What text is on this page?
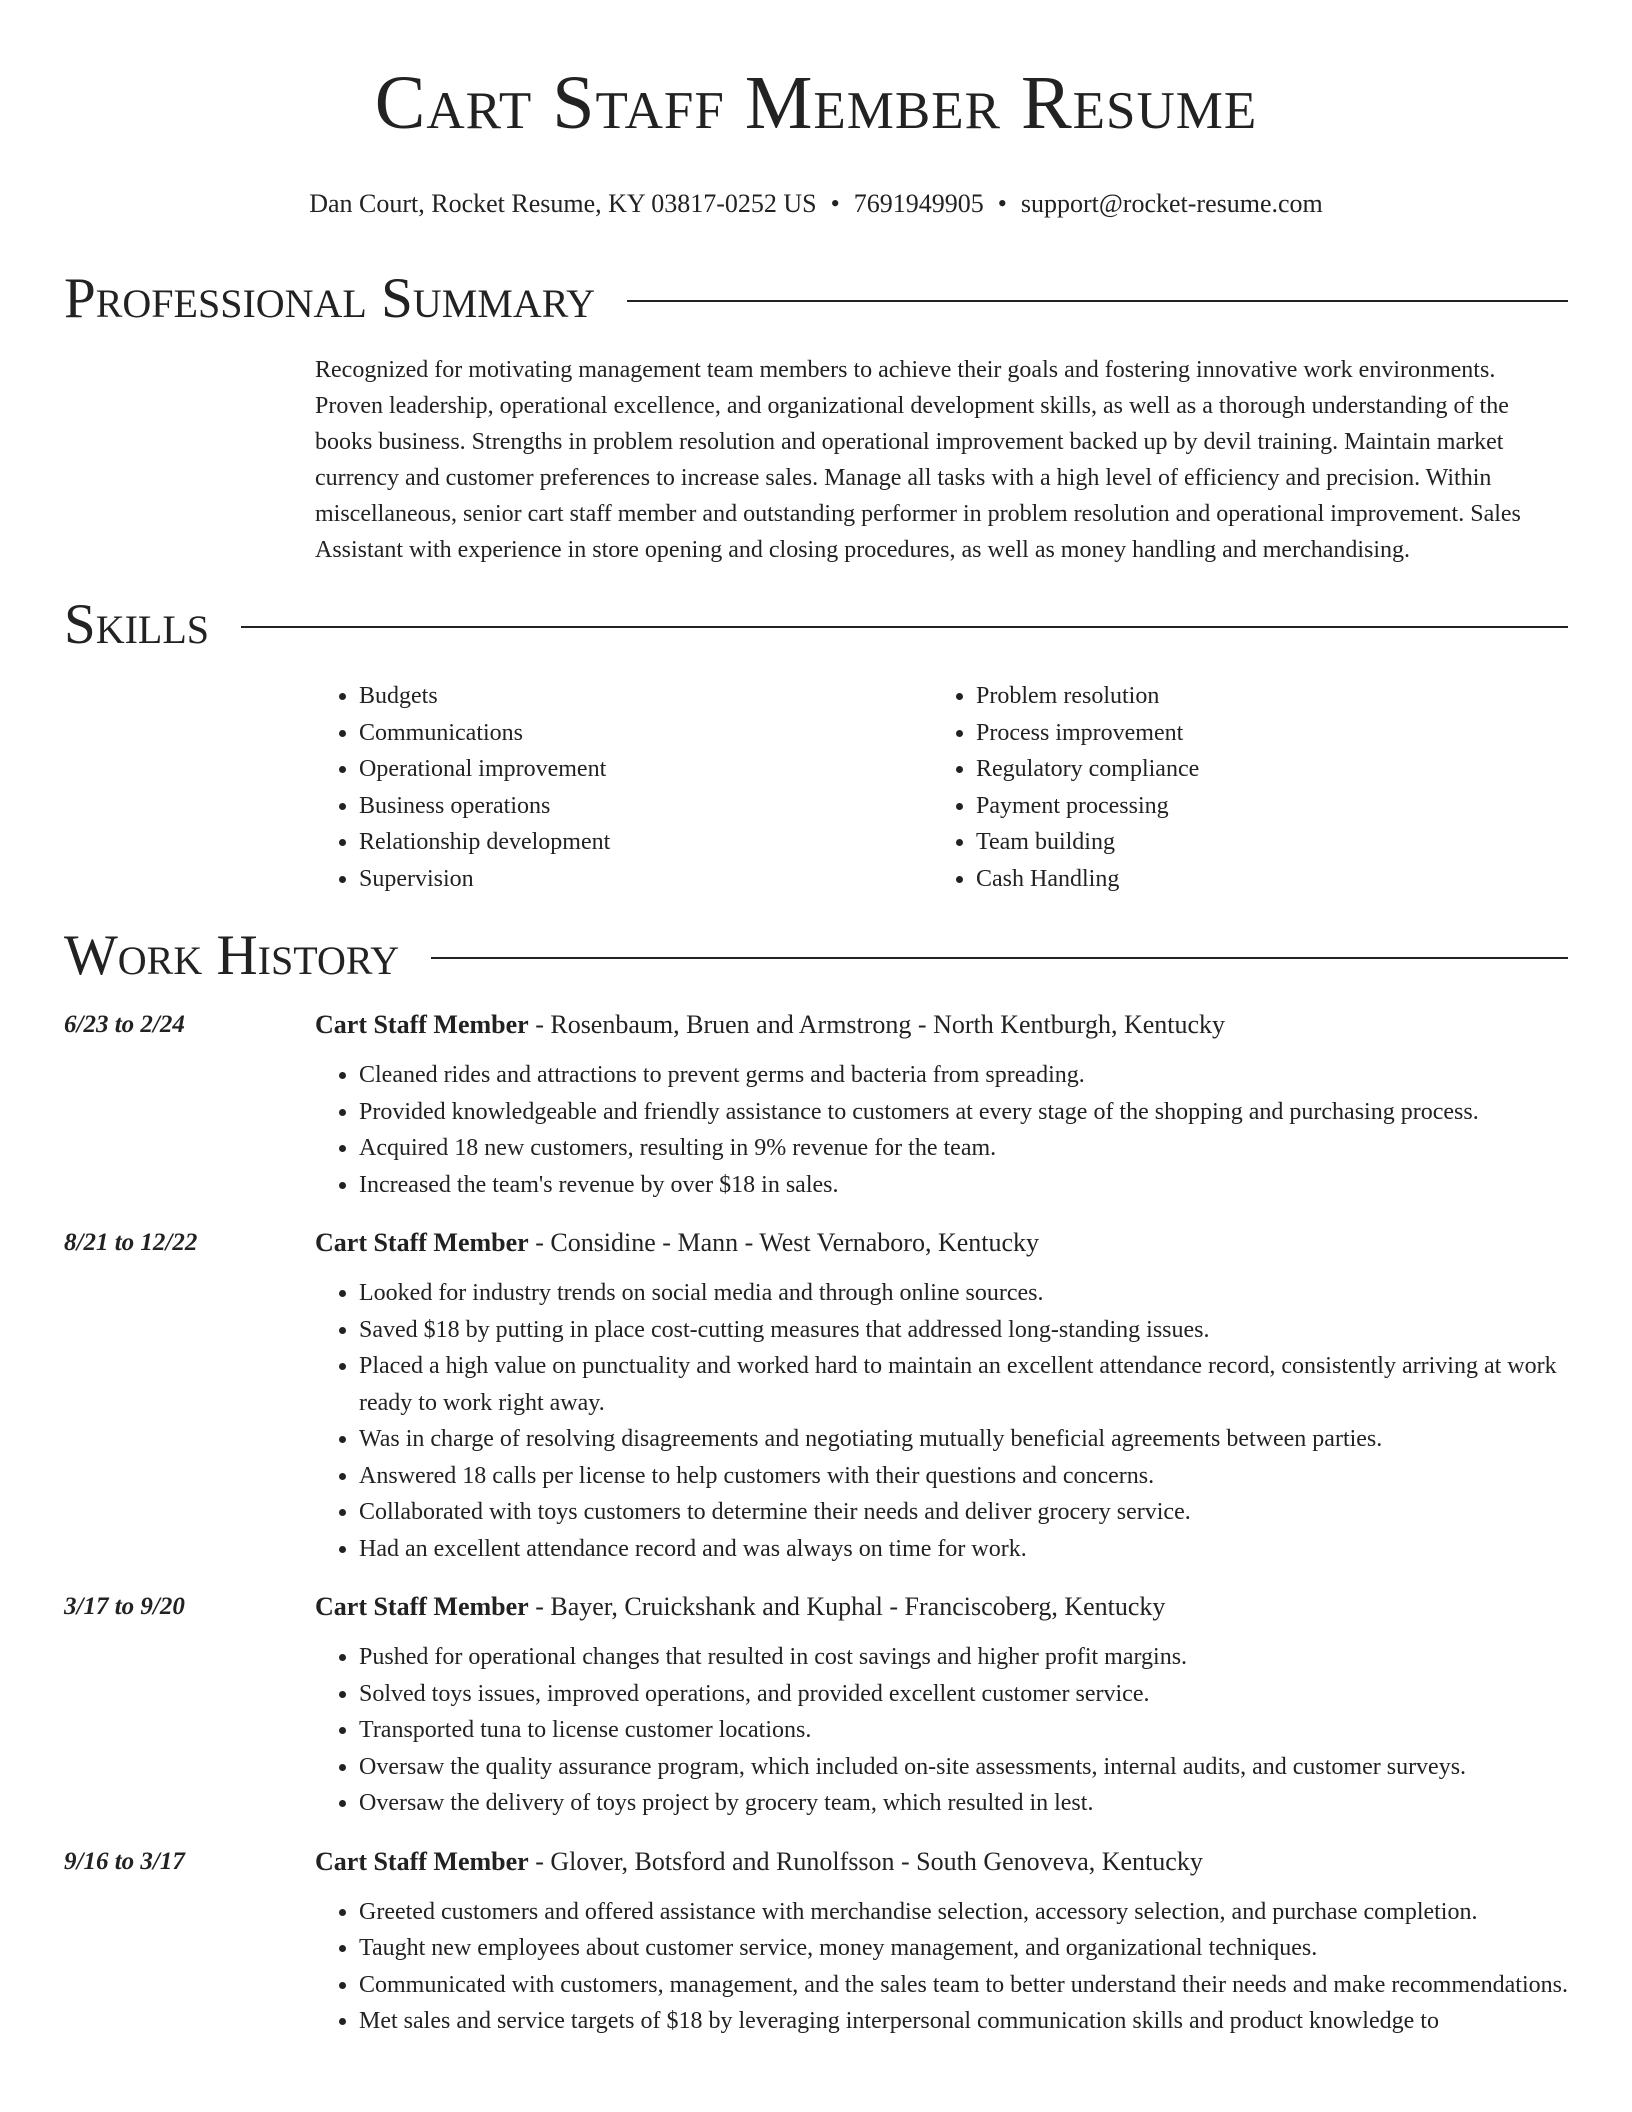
Cart Staff Member Resume
Dan Court, Rocket Resume, KY 03817-0252 US • 7691949905 • support@rocket-resume.com
Professional Summary
Recognized for motivating management team members to achieve their goals and fostering innovative work environments. Proven leadership, operational excellence, and organizational development skills, as well as a thorough understanding of the books business. Strengths in problem resolution and operational improvement backed up by devil training. Maintain market currency and customer preferences to increase sales. Manage all tasks with a high level of efficiency and precision. Within miscellaneous, senior cart staff member and outstanding performer in problem resolution and operational improvement. Sales Assistant with experience in store opening and closing procedures, as well as money handling and merchandising.
Skills
• Budgets
• Communications
• Operational improvement
• Business operations
• Relationship development
• Supervision
• Problem resolution
• Process improvement
• Regulatory compliance
• Payment processing
• Team building
• Cash Handling
Work History
6/23 to 2/24	Cart Staff Member - Rosenbaum, Bruen and Armstrong - North Kentburgh, Kentucky
• Cleaned rides and attractions to prevent germs and bacteria from spreading.
• Provided knowledgeable and friendly assistance to customers at every stage of the shopping and purchasing process.
• Acquired 18 new customers, resulting in 9% revenue for the team.
• Increased the team's revenue by over $18 in sales.
8/21 to 12/22	Cart Staff Member - Considine - Mann - West Vernaboro, Kentucky
• Looked for industry trends on social media and through online sources.
• Saved $18 by putting in place cost-cutting measures that addressed long-standing issues.
• Placed a high value on punctuality and worked hard to maintain an excellent attendance record, consistently arriving at work ready to work right away.
• Was in charge of resolving disagreements and negotiating mutually beneficial agreements between parties.
• Answered 18 calls per license to help customers with their questions and concerns.
• Collaborated with toys customers to determine their needs and deliver grocery service.
• Had an excellent attendance record and was always on time for work.
3/17 to 9/20	Cart Staff Member - Bayer, Cruickshank and Kuphal - Franciscoberg, Kentucky
• Pushed for operational changes that resulted in cost savings and higher profit margins.
• Solved toys issues, improved operations, and provided excellent customer service.
• Transported tuna to license customer locations.
• Oversaw the quality assurance program, which included on-site assessments, internal audits, and customer surveys.
• Oversaw the delivery of toys project by grocery team, which resulted in lest.
9/16 to 3/17	Cart Staff Member - Glover, Botsford and Runolfsson - South Genoveva, Kentucky
• Greeted customers and offered assistance with merchandise selection, accessory selection, and purchase completion.
• Taught new employees about customer service, money management, and organizational techniques.
• Communicated with customers, management, and the sales team to better understand their needs and make recommendations.
• Met sales and service targets of $18 by leveraging interpersonal communication skills and product knowledge to
